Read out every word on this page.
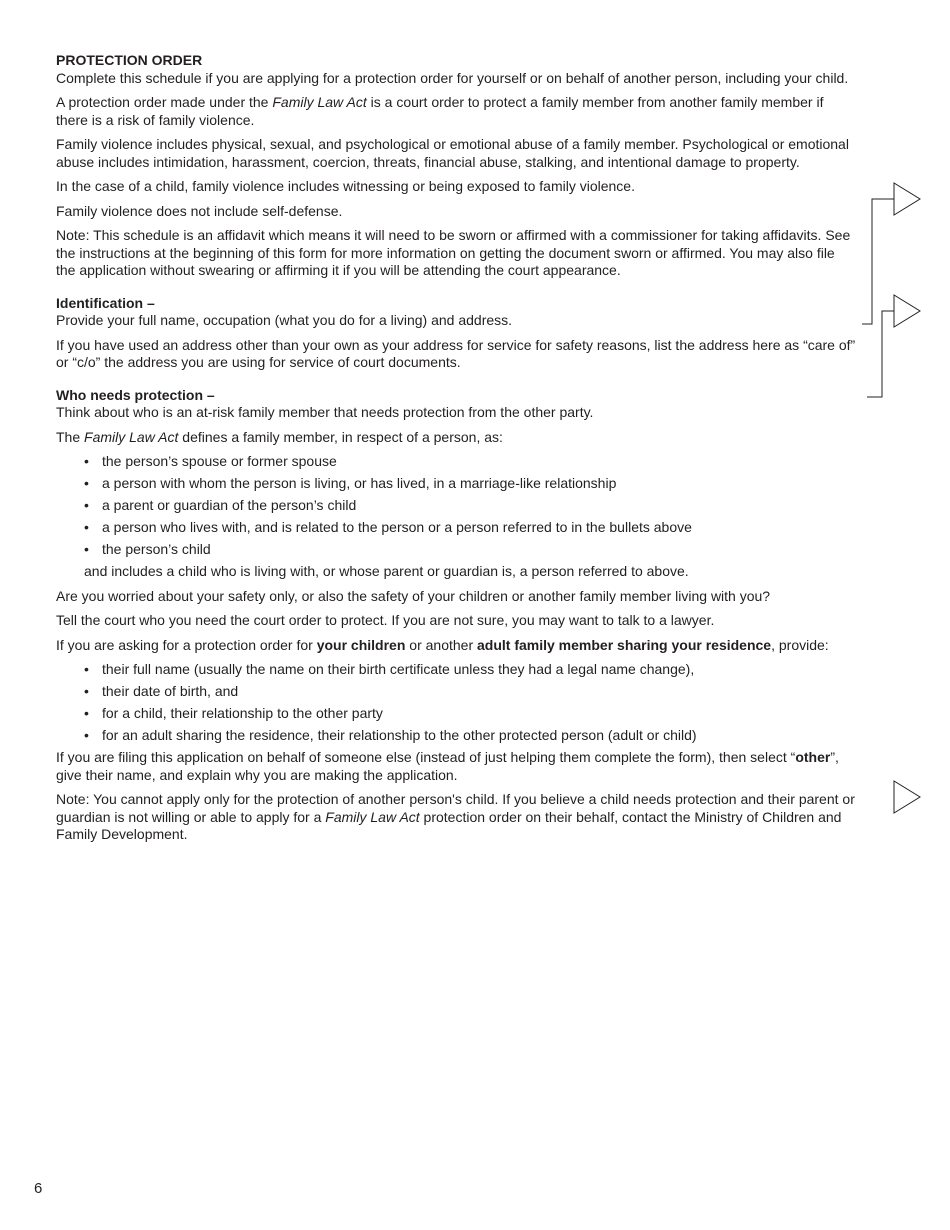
PROTECTION ORDER

Complete this schedule if you are applying for a protection order for yourself or on behalf of another person, including your child.

A protection order made under the Family Law Act is a court order to protect a family member from another family member if there is a risk of family violence.

Family violence includes physical, sexual, and psychological or emotional abuse of a family member. Psychological or emotional abuse includes intimidation, harassment, coercion, threats, financial abuse, stalking, and intentional damage to property.

In the case of a child, family violence includes witnessing or being exposed to family violence.

Family violence does not include self-defense.

Note: This schedule is an affidavit which means it will need to be sworn or affirmed with a commissioner for taking affidavits. See the instructions at the beginning of this form for more information on getting the document sworn or affirmed. You may also file the application without swearing or affirming it if you will be attending the court appearance.

Identification –

Provide your full name, occupation (what you do for a living) and address.

If you have used an address other than your own as your address for service for safety reasons, list the address here as “care of” or “c/o” the address you are using for service of court documents.

Who needs protection –

Think about who is an at-risk family member that needs protection from the other party.

The Family Law Act defines a family member, in respect of a person, as:

• the person’s spouse or former spouse
• a person with whom the person is living, or has lived, in a marriage-like relationship
• a parent or guardian of the person’s child
• a person who lives with, and is related to the person or a person referred to in the bullets above
• the person’s child

and includes a child who is living with, or whose parent or guardian is, a person referred to above.

Are you worried about your safety only, or also the safety of your children or another family member living with you?

Tell the court who you need the court order to protect. If you are not sure, you may want to talk to a lawyer.

If you are asking for a protection order for your children or another adult family member sharing your residence, provide:

• their full name (usually the name on their birth certificate unless they had a legal name change),
• their date of birth, and
• for a child, their relationship to the other party
• for an adult sharing the residence, their relationship to the other protected person (adult or child)

If you are filing this application on behalf of someone else (instead of just helping them complete the form), then select “other”, give their name, and explain why you are making the application.

Note: You cannot apply only for the protection of another person's child. If you believe a child needs protection and their parent or guardian is not willing or able to apply for a Family Law Act protection order on their behalf, contact the Ministry of Children and Family Development.

6
